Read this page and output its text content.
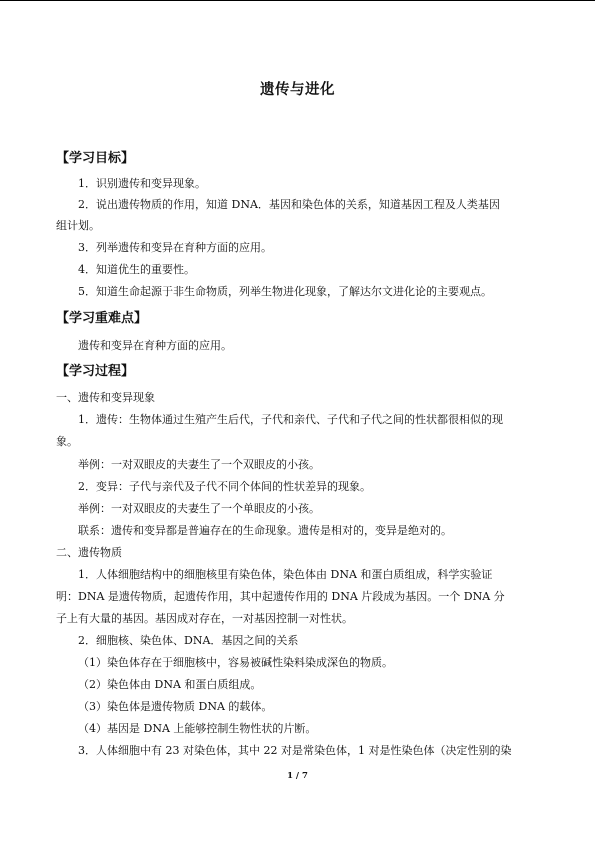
遗传与进化
【学习目标】
1．识别遗传和变异现象。
2．说出遗传物质的作用，知道 DNA．基因和染色体的关系，知道基因工程及人类基因
组计划。
3．列举遗传和变异在育种方面的应用。
4．知道优生的重要性。
5．知道生命起源于非生命物质，列举生物进化现象，了解达尔文进化论的主要观点。
【学习重难点】
遗传和变异在育种方面的应用。
【学习过程】
一、遗传和变异现象
1．遗传：生物体通过生殖产生后代，子代和亲代、子代和子代之间的性状都很相似的现
象。
举例：一对双眼皮的夫妻生了一个双眼皮的小孩。
2．变异：子代与亲代及子代不同个体间的性状差异的现象。
举例：一对双眼皮的夫妻生了一个单眼皮的小孩。
联系：遗传和变异都是普遍存在的生命现象。遗传是相对的，变异是绝对的。
二、遗传物质
1．人体细胞结构中的细胞核里有染色体，染色体由 DNA 和蛋白质组成，科学实验证
明：DNA 是遗传物质，起遗传作用，其中起遗传作用的 DNA 片段成为基因。一个 DNA 分
子上有大量的基因。基因成对存在，一对基因控制一对性状。
2．细胞核、染色体、DNA．基因之间的关系
（1）染色体存在于细胞核中，容易被碱性染料染成深色的物质。
（2）染色体由 DNA 和蛋白质组成。
（3）染色体是遗传物质 DNA 的载体。
（4）基因是 DNA 上能够控制生物性状的片断。
3．人体细胞中有 23 对染色体，其中 22 对是常染色体，1 对是性染色体（决定性别的染
1 / 7
